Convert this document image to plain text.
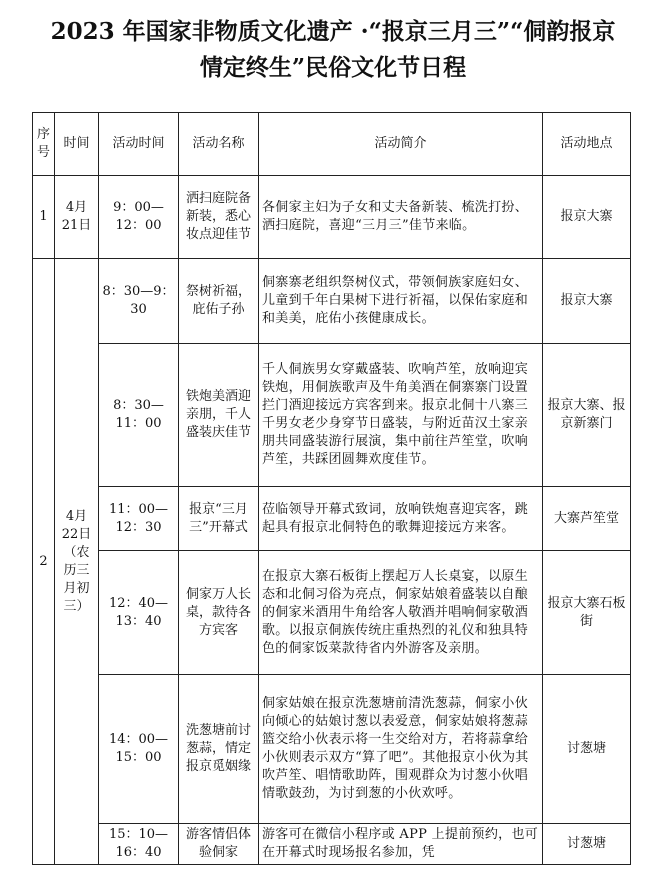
2023 年国家非物质文化遗产 ·“报京三月三”“侗韵报京
情定终生”民俗文化节日程
序号	时间	活动时间	活动名称	活动简介	活动地点
1	4月21日	9：00—12：00	洒扫庭院备新装，悉心妆点迎佳节	各侗家主妇为子女和丈夫备新装、梳洗打扮、洒扫庭院，喜迎“三月三”佳节来临。	报京大寨
2	4月22日（农历三月初三）	8：30—9：30	祭树祈福，庇佑子孙	侗寨寨老组织祭树仪式，带领侗族家庭妇女、儿童到千年白果树下进行祈福，以保佑家庭和和美美，庇佑小孩健康成长。	报京大寨
		8：30—11：00	铁炮美酒迎亲朋，千人盛装庆佳节	千人侗族男女穿戴盛装、吹响芦笙，放响迎宾铁炮，用侗族歌声及牛角美酒在侗寨寨门设置拦门酒迎接远方宾客到来。报京北侗十八寨三千男女老少身穿节日盛装，与附近苗汉土家亲朋共同盛装游行展演，集中前往芦笙堂，吹响芦笙，共踩团圆舞欢度佳节。	报京大寨、报京新寨门
		11：00—12：30	报京“三月三”开幕式	莅临领导开幕式致词，放响铁炮喜迎宾客，跳起具有报京北侗特色的歌舞迎接远方来客。	大寨芦笙堂
		12：40—13：40	侗家万人长桌，款待各方宾客	在报京大寨石板街上摆起万人长桌宴，以原生态和北侗习俗为亮点，侗家姑娘着盛装以自酿的侗家米酒用牛角给客人敬酒并唱响侗家敬酒歌。以报京侗族传统庄重热烈的礼仪和独具特色的侗家饭菜款待省内外游客及亲朋。	报京大寨石板街
		14：00—15：00	洗葱塘前讨葱蒜，情定报京觅姻缘	侗家姑娘在报京洗葱塘前清洗葱蒜，侗家小伙向倾心的姑娘讨葱以表爱意，侗家姑娘将葱蒜篮交给小伙表示将一生交给对方，若将蒜拿给小伙则表示双方“算了吧”。其他报京小伙为其吹芦笙、唱情歌助阵，围观群众为讨葱小伙唱情歌鼓劲，为讨到葱的小伙欢呼。	讨葱塘
		15：10—16：40	游客情侣体验侗家	游客可在微信小程序或 APP 上提前预约，也可在开幕式时现场报名参加，凭	讨葱塘
